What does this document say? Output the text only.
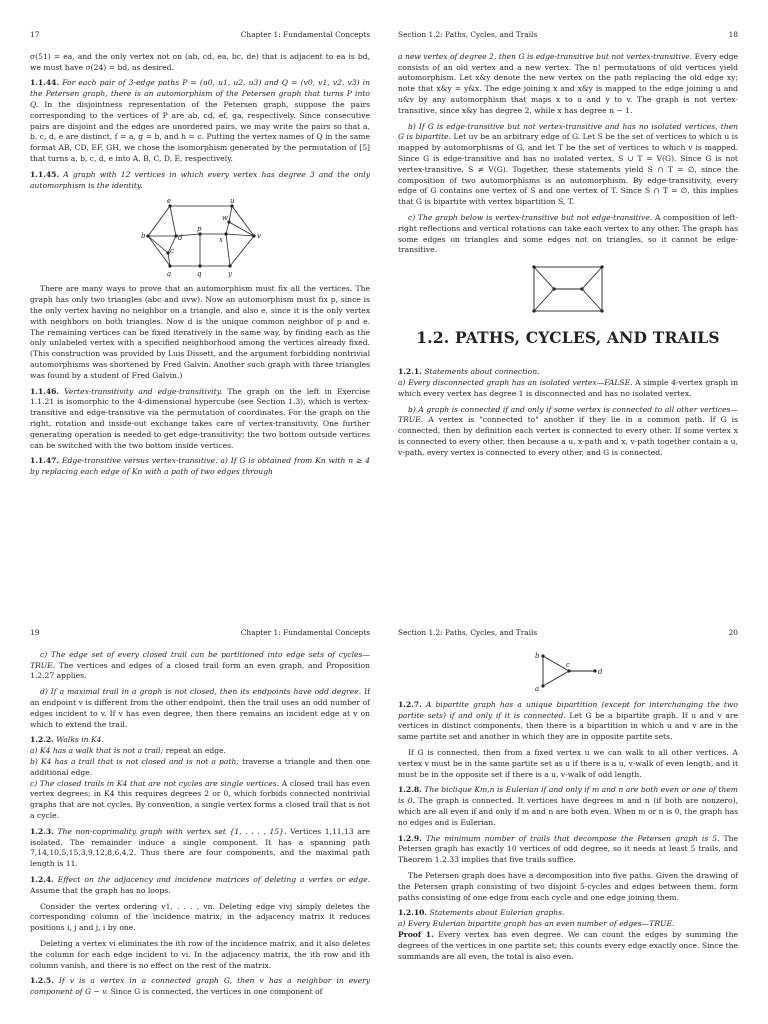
17	Chapter 1: Fundamental Concepts

σ(51) = ea, and the only vertex not on (ab, cd, ea, bc, de) that is adjacent to ea is bd, we must have σ(24) = bd, as desired.

1.1.44. For each pair of 3-edge paths P = (u0, u1, u2, u3) and Q = (v0, v1, v2, v3) in the Petersen graph, there is an automorphism of the Petersen graph that turns P into Q. In the disjointness representation of the Petersen graph, suppose the pairs corresponding to the vertices of P are ab, cd, ef, ga, respectively. Since consecutive pairs are disjoint and the edges are unordered pairs, we may write the pairs so that a, b, c, d, e are distinct, f = a, g = b, and h = c. Putting the vertex names of Q in the same format AB, CD, EF, GH, we chose the isomorphism generated by the permutation of [5] that turns a, b, c, d, e into A, B, C, D, E, respectively.

1.1.45. A graph with 12 vertices in which every vertex has degree 3 and the only automorphism is the identity.

e	u
w
b	d
p
x	v
c
a	q	y

There are many ways to prove that an automorphism must fix all the vertices. The graph has only two triangles (abc and uvw). Now an automorphism must fix p, since is the only vertex having no neighbor on a triangle, and also e, since it is the only vertex with neighbors on both triangles. Now d is the unique common neighbor of p and e. The remaining vertices can be fixed iteratively in the same way, by finding each as the only unlabeled vertex with a specified neighborhood among the vertices already fixed. (This construction was provided by Luis Dissett, and the argument forbidding nontrivial automorphisms was shortened by Fred Galvin. Another such graph with three triangles was found by a student of Fred Galvin.)

1.1.46. Vertex-transitivity and edge-transitivity. The graph on the left in Exercise 1.1.21 is isomorphic to the 4-dimensional hypercube (see Section 1.3), which is vertex-transitive and edge-transitive via the permutation of coordinates. For the graph on the right, rotation and inside-out exchange takes care of vertex-transitivity. One further generating operation is needed to get edge-transitivity; the two bottom outside vertices can be switched with the two bottom inside vertices.

1.1.47. Edge-transitive versus vertex-transitive. a) If G is obtained from Kn with n ≥ 4 by replacing each edge of Kn with a path of two edges through

Section 1.2: Paths, Cycles, and Trails	18

a new vertex of degree 2, then G is edge-transitive but not vertex-transitive. Every edge consists of an old vertex and a new vertex. The n! permutations of old vertices yield automorphism. Let x&y denote the new vertex on the path replacing the old edge xy; note that x&y = y&x. The edge joining x and x&y is mapped to the edge joining u and u&v by any automorphism that maps x to u and y to v. The graph is not vertex-transitive, since x&y has degree 2, while x has degree n − 1.

b) If G is edge-transitive but not vertex-transitive and has no isolated vertices, then G is bipartite. Let uv be an arbitrary edge of G. Let S be the set of vertices to which u is mapped by automorphisms of G, and let T be the set of vertices to which v is mapped. Since G is edge-transitive and has no isolated vertex, S ∪ T = V(G). Since G is not vertex-transitive, S ≠ V(G). Together, these statements yield S ∩ T = ∅, since the composition of two automorphisms is an automorphism. By edge-transitivity, every edge of G contains one vertex of S and one vertex of T. Since S ∩ T = ∅, this implies that G is bipartite with vertex bipartition S, T.

c) The graph below is vertex-transitive but not edge-transitive. A composition of left-right reflections and vertical rotations can take each vertex to any other. The graph has some edges on triangles and some edges not on triangles, so it cannot be edge-transitive.

1.2. PATHS, CYCLES, AND TRAILS

1.2.1. Statements about connection.
a) Every disconnected graph has an isolated vertex—FALSE. A simple 4-vertex graph in which every vertex has degree 1 is disconnected and has no isolated vertex.

b) A graph is connected if and only if some vertex is connected to all other vertices—TRUE. A vertex is "connected to" another if they lie in a common path. If G is connected, then by definition each vertex is connected to every other. If some vertex x is connected to every other, then because a u, x-path and x, v-path together contain a u, v-path, every vertex is connected to every other, and G is connected.

19	Chapter 1: Fundamental Concepts

c) The edge set of every closed trail can be partitioned into edge sets of cycles—TRUE. The vertices and edges of a closed trail form an even graph, and Proposition 1.2.27 applies.

d) If a maximal trail in a graph is not closed, then its endpoints have odd degree. If an endpoint v is different from the other endpoint, then the trail uses an odd number of edges incident to v. If v has even degree, then there remains an incident edge at v on which to extend the trail.

1.2.2. Walks in K4.
a) K4 has a walk that is not a trail; repeat an edge.
b) K4 has a trail that is not closed and is not a path; traverse a triangle and then one additional edge.
c) The closed trails in K4 that are not cycles are single vertices. A closed trail has even vertex degrees; in K4 this requires degrees 2 or 0, which forbids connected nontrivial graphs that are not cycles. By convention, a single vertex forms a closed trail that is not a cycle.

1.2.3. The non-coprimality graph with vertex set {1, . . . , 15}. Vertices 1,11,13 are isolated. The remainder induce a single component. It has a spanning path 7,14,10,5,15,3,9,12,8,6,4,2. Thus there are four components, and the maximal path length is 11.

1.2.4. Effect on the adjacency and incidence matrices of deleting a vertex or edge. Assume that the graph has no loops.

Consider the vertex ordering v1, . . . , vn. Deleting edge vivj simply deletes the corresponding column of the incidence matrix; in the adjacency matrix it reduces positions i, j and j, i by one.

Deleting a vertex vi eliminates the ith row of the incidence matrix, and it also deletes the column for each edge incident to vi. In the adjacency matrix, the ith row and ith column vanish, and there is no effect on the rest of the matrix.

1.2.5. If v is a vertex in a connected graph G, then v has a neighbor in every component of G − v. Since G is connected, the vertices in one component of

Section 1.2: Paths, Cycles, and Trails	20
b
c
d
a

1.2.7. A bipartite graph has a unique bipartition (except for interchanging the two partite sets) if and only if it is connected. Let G be a bipartite graph. If u and v are vertices in distinct components, then there is a bipartition in which u and v are in the same partite set and another in which they are in opposite partite sets.

If G is connected, then from a fixed vertex u we can walk to all other vertices. A vertex v must be in the same partite set as u if there is a u, v-walk of even length, and it must be in the opposite set if there is a u, v-walk of odd length.

1.2.8. The biclique Km,n is Eulerian if and only if m and n are both even or one of them is 0. The graph is connected. It vertices have degrees m and n (if both are nonzero), which are all even if and only if m and n are both even. When m or n is 0, the graph has no edges and is Eulerian.

1.2.9. The minimum number of trails that decompose the Petersen graph is 5. The Petersen graph has exactly 10 vertices of odd degree, so it needs at least 5 trails, and Theorem 1.2.33 implies that five trails suffice.

The Petersen graph does have a decomposition into five paths. Given the drawing of the Petersen graph consisting of two disjoint 5-cycles and edges between them, form paths consisting of one edge from each cycle and one edge joining them.

1.2.10. Statements about Eulerian graphs.
a) Every Eulerian bipartite graph has an even number of edges—TRUE.
Proof 1. Every vertex has even degree. We can count the edges by summing the degrees of the vertices in one partite set; this counts every edge exactly once. Since the summands are all even, the total is also even.
